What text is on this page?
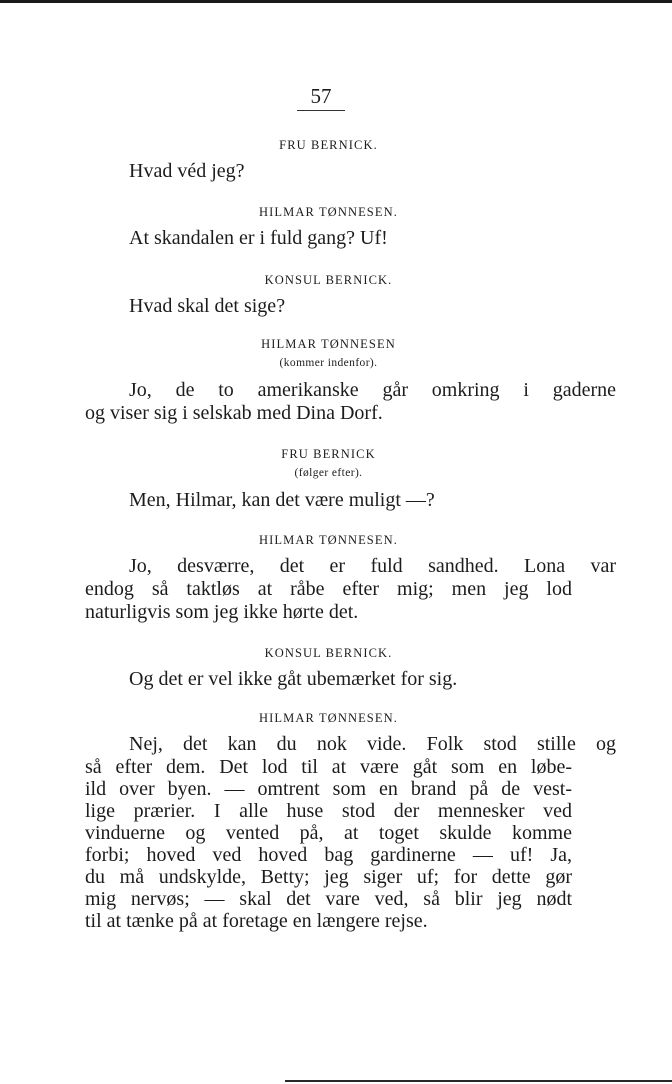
57
FRU BERNICK.
Hvad véd jeg?
HILMAR TØNNESEN.
At skandalen er i fuld gang? Uf!
KONSUL BERNICK.
Hvad skal det sige?
HILMAR TØNNESEN
(kommer indenfor).
Jo, de to amerikanske går omkring i gaderne
og viser sig i selskab med Dina Dorf.
FRU BERNICK
(følger efter).
Men, Hilmar, kan det være muligt —?
HILMAR TØNNESEN.
Jo, desværre, det er fuld sandhed. Lona var
endog så taktløs at råbe efter mig; men jeg lod
naturligvis som jeg ikke hørte det.
KONSUL BERNICK.
Og det er vel ikke gåt ubemærket for sig.
HILMAR TØNNESEN.
Nej, det kan du nok vide. Folk stod stille og
så efter dem. Det lod til at være gåt som en løbe-
ild over byen. — omtrent som en brand på de vest-
lige prærier. I alle huse stod der mennesker ved
vinduerne og vented på, at toget skulde komme
forbi; hoved ved hoved bag gardinerne — uf! Ja,
du må undskylde, Betty; jeg siger uf; for dette gør
mig nervøs; — skal det vare ved, så blir jeg nødt
til at tænke på at foretage en længere rejse.
